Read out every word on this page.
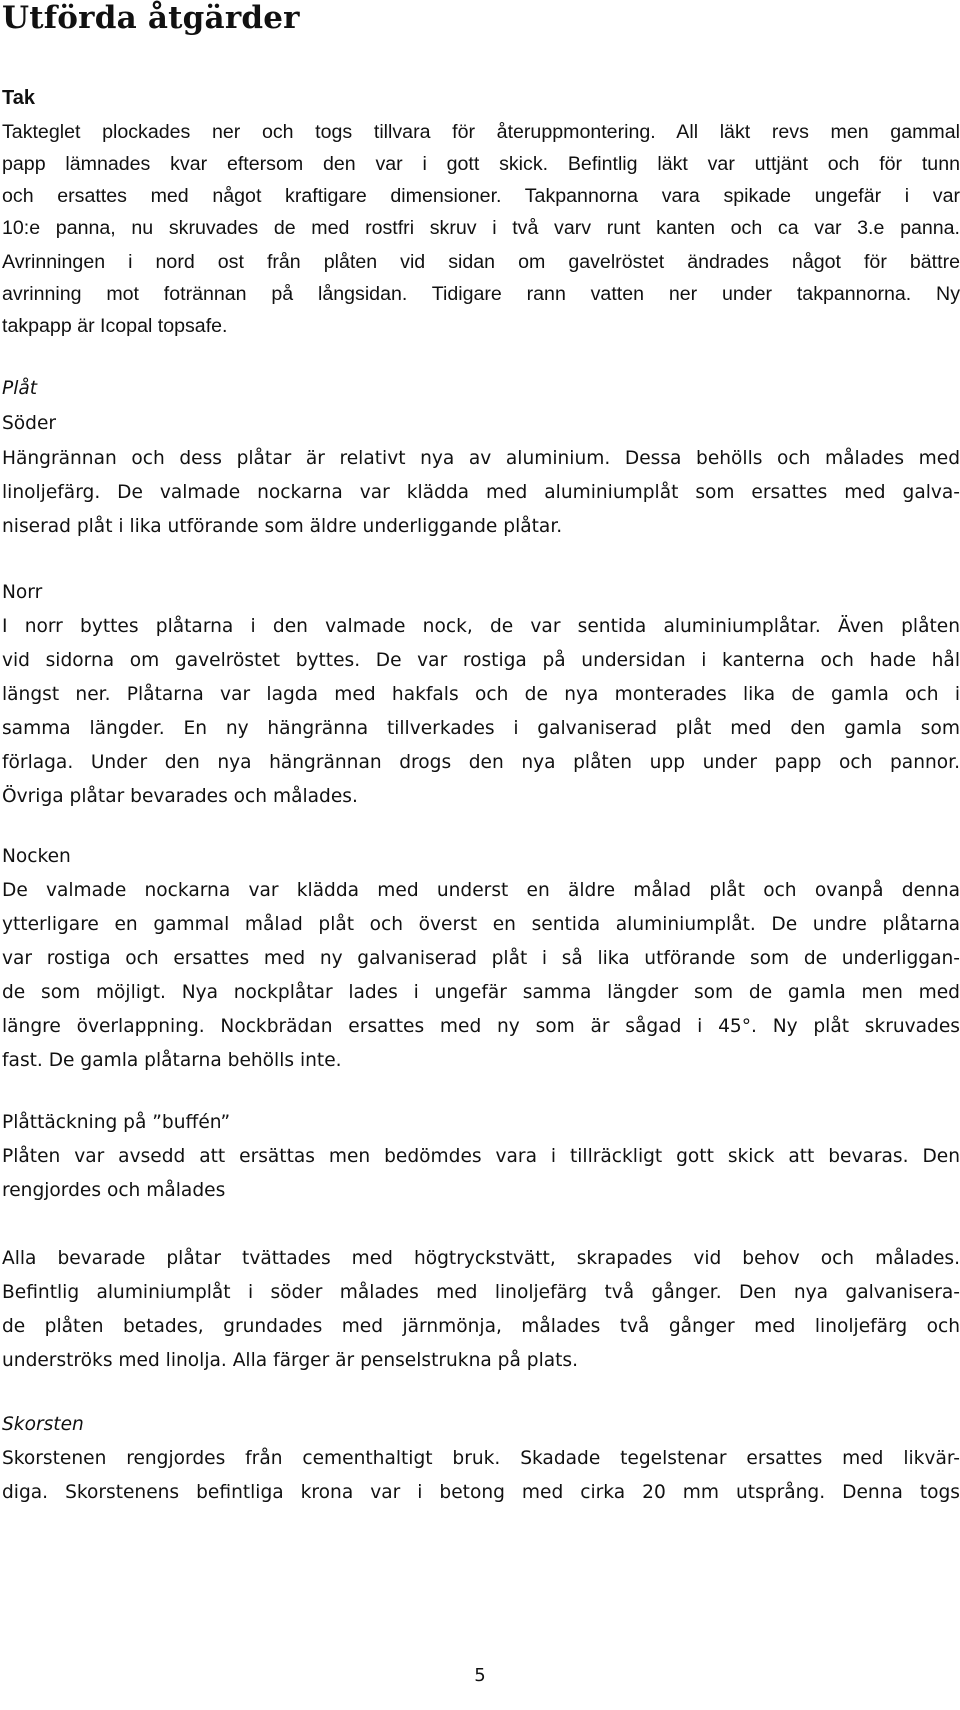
Utförda åtgärder
Tak
Takteglet plockades ner och togs tillvara för återuppmontering. All läkt revs men gammal
papp lämnades kvar eftersom den var i gott skick. Befintlig läkt var uttjänt och för tunn
och ersattes med något kraftigare dimensioner. Takpannorna vara spikade ungefär i var
10:e panna, nu skruvades de med rostfri skruv i två varv runt kanten och ca var 3.e panna.
Avrinningen i nord ost från plåten vid sidan om gavelröstet ändrades något för bättre
avrinning mot fotrännan på långsidan. Tidigare rann vatten ner under takpannorna. Ny
takpapp är Icopal topsafe.
Plåt
Söder
Hängrännan och dess plåtar är relativt nya av aluminium. Dessa behölls och målades med
linoljefärg. De valmade nockarna var klädda med aluminiumplåt som ersattes med galva-
niserad plåt i lika utförande som äldre underliggande plåtar.
Norr
I norr byttes plåtarna i den valmade nock, de var sentida aluminiumplåtar. Även plåten
vid sidorna om gavelröstet byttes. De var rostiga på undersidan i kanterna och hade hål
längst ner. Plåtarna var lagda med hakfals och de nya monterades lika de gamla och i
samma längder. En ny hängränna tillverkades i galvaniserad plåt med den gamla som
förlaga. Under den nya hängrännan drogs den nya plåten upp under papp och pannor.
Övriga plåtar bevarades och målades.
Nocken
De valmade nockarna var klädda med underst en äldre målad plåt och ovanpå denna
ytterligare en gammal målad plåt och överst en sentida aluminiumplåt. De undre plåtarna
var rostiga och ersattes med ny galvaniserad plåt i så lika utförande som de underliggan-
de som möjligt. Nya nockplåtar lades i ungefär samma längder som de gamla men med
längre överlappning. Nockbrädan ersattes med ny som är sågad i 45°. Ny plåt skruvades
fast. De gamla plåtarna behölls inte.
Plåttäckning på ”buffén”
Plåten var avsedd att ersättas men bedömdes vara i tillräckligt gott skick att bevaras. Den
rengjordes och målades
Alla bevarade plåtar tvättades med högtryckstvätt, skrapades vid behov och målades.
Befintlig aluminiumplåt i söder målades med linoljefärg två gånger. Den nya galvanisera-
de plåten betades, grundades med järnmönja, målades två gånger med linoljefärg och
underströks med linolja. Alla färger är penselstrukna på plats.
Skorsten
Skorstenen rengjordes från cementhaltigt bruk. Skadade tegelstenar ersattes med likvär-
diga. Skorstenens befintliga krona var i betong med cirka 20 mm utsprång. Denna togs
5
